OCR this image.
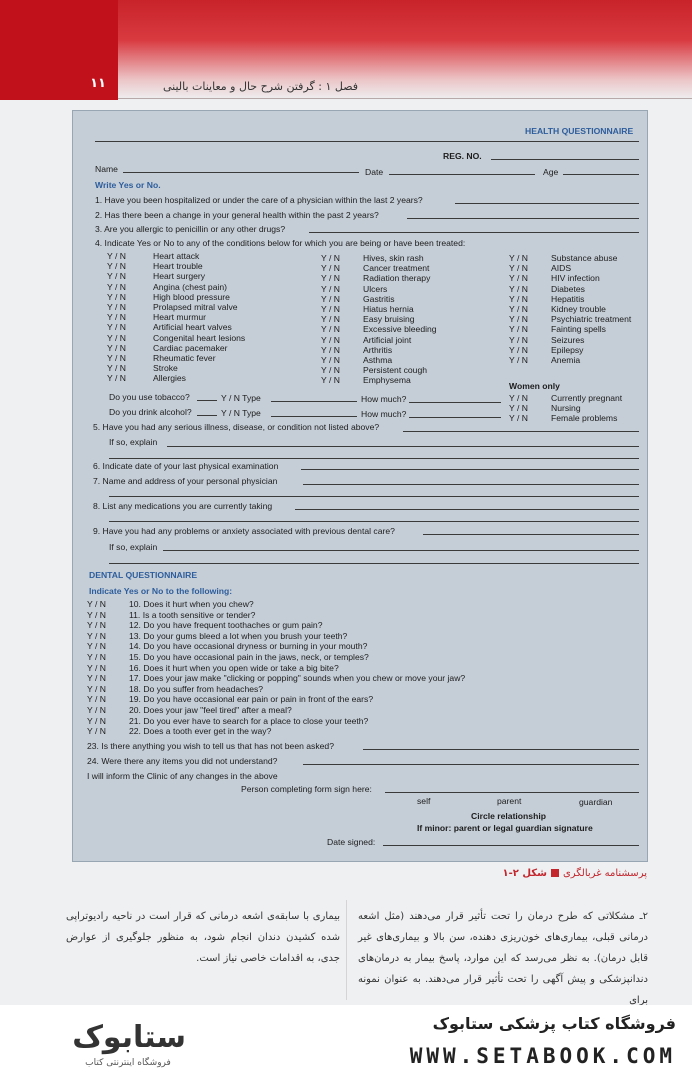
۱۱	فصل ۱ : گرفتن شرح حال و معاینات بالینی
HEALTH QUESTIONNAIRE
REG. NO.
Name	Date	Age
Write Yes or No.
1. Have you been hospitalized or under the care of a physician within the last 2 years?
2. Has there been a change in your general health within the past 2 years?
3. Are you allergic to penicillin or any other drugs?
4. Indicate Yes or No to any of the conditions below for which you are being or have been treated:
Y / N	Heart attack
Y / N	Heart trouble
Y / N	Heart surgery
Y / N	Angina (chest pain)
Y / N	High blood pressure
Y / N	Prolapsed mitral valve
Y / N	Heart murmur
Y / N	Artificial heart valves
Y / N	Congenital heart lesions
Y / N	Cardiac pacemaker
Y / N	Rheumatic fever
Y / N	Stroke
Y / N	Allergies
Y / N	Hives, skin rash
Y / N	Cancer treatment
Y / N	Radiation therapy
Y / N	Ulcers
Y / N	Gastritis
Y / N	Hiatus hernia
Y / N	Easy bruising
Y / N	Excessive bleeding
Y / N	Artificial joint
Y / N	Arthritis
Y / N	Asthma
Y / N	Persistent cough
Y / N	Emphysema
Y / N	Substance abuse
Y / N	AIDS
Y / N	HIV infection
Y / N	Diabetes
Y / N	Hepatitis
Y / N	Kidney trouble
Y / N	Psychiatric treatment
Y / N	Fainting spells
Y / N	Seizures
Y / N	Epilepsy
Y / N	Anemia
Y / N	Currently pregnant
Y / N	Nursing
Y / N	Female problems
Women only
Do you use tobacco?	Y / N Type	How much?
Do you drink alcohol?	Y / N Type	How much?
5. Have you had any serious illness, disease, or condition not listed above?
If so, explain
6. Indicate date of your last physical examination
7. Name and address of your personal physician
8. List any medications you are currently taking
9. Have you had any problems or anxiety associated with previous dental care?
If so, explain
DENTAL QUESTIONNAIRE
Indicate Yes or No to the following:
Y / N	10. Does it hurt when you chew?
Y / N	11. Is a tooth sensitive or tender?
Y / N	12. Do you have frequent toothaches or gum pain?
Y / N	13. Do your gums bleed a lot when you brush your teeth?
Y / N	14. Do you have occasional dryness or burning in your mouth?
Y / N	15. Do you have occasional pain in the jaws, neck, or temples?
Y / N	16. Does it hurt when you open wide or take a big bite?
Y / N	17. Does your jaw make "clicking or popping" sounds when you chew or move your jaw?
Y / N	18. Do you suffer from headaches?
Y / N	19. Do you have occasional ear pain or pain in front of the ears?
Y / N	20. Does your jaw "feel tired" after a meal?
Y / N	21. Do you ever have to search for a place to close your teeth?
Y / N	22. Does a tooth ever get in the way?
23. Is there anything you wish to tell us that has not been asked?
24. Were there any items you did not understand?
I will inform the Clinic of any changes in the above
Person completing form sign here:
self	parent	guardian
Circle relationship
If minor: parent or legal guardian signature
Date signed:
پرسشنامه غربالگریشکل ۲-۱
۲ـ مشکلاتی که طرح درمان را تحت تأثیر قرار می‌دهند (مثل اشعه درمانی قبلی، بیماری‌های خون‌ریزی دهنده، سن بالا و بیماری‌های غیر قابل درمان). به نظر می‌رسد که این موارد، پاسخ بیمار به درمان‌های دندانپزشکی و پیش آگهی را تحت تأثیر قرار می‌دهند. به عنوان نمونه برای
بیماری با سابقه‌ی اشعه درمانی که قرار است در ناحیه رادیوتراپی شده کشیدن دندان انجام شود، به منظور جلوگیری از عوارض جدی، به اقدامات خاصی نیاز است.
ستابوک
فروشگاه اینترنتی کتاب
فروشگاه کتاب پزشکی ستابوک
WWW.SETABOOK.COM
